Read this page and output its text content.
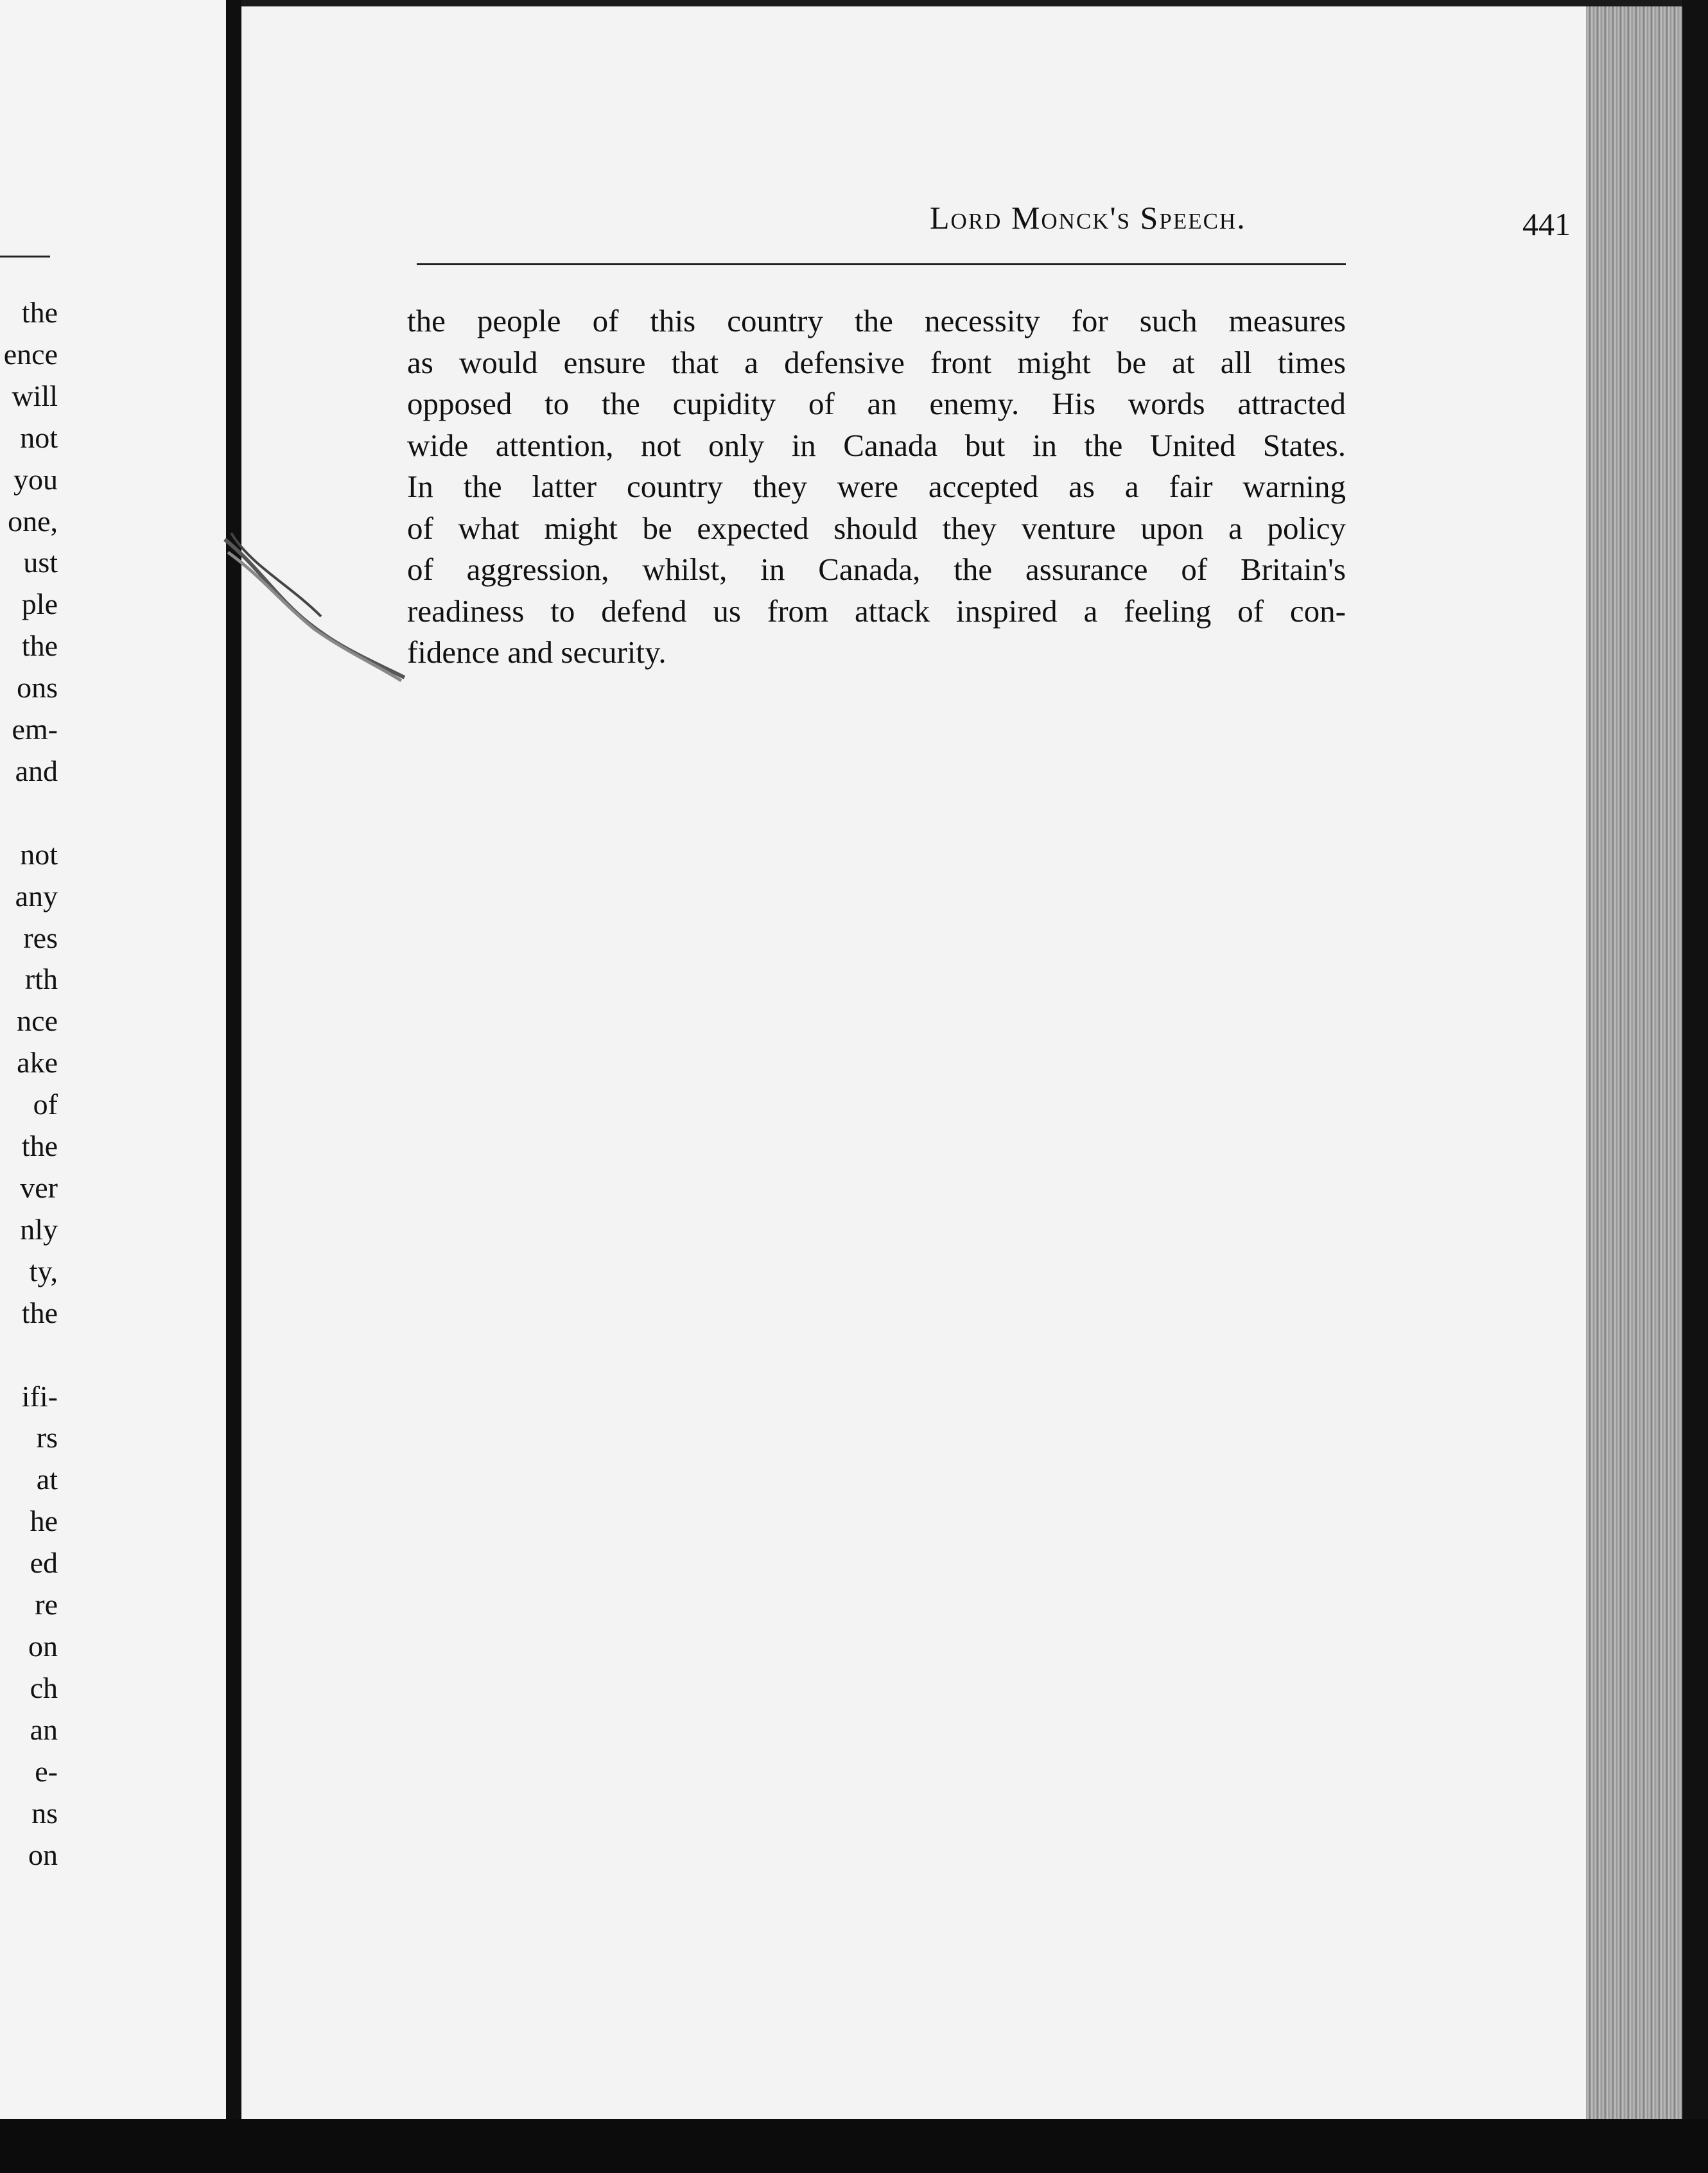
the
ence
will
not
you
one,
ust
ple
the
ons
em-
and
not
any
res
rth
nce
ake
of
the
ver
nly
ty,
the
ifi-
rs
at
he
ed
re
on
ch
an
e-
ns
on
Lord Monck's Speech.	441
the people of this country the necessity for such measures
as would ensure that a defensive front might be at all times
opposed to the cupidity of an enemy. His words attracted
wide attention, not only in Canada but in the United States.
In the latter country they were accepted as a fair warning
of what might be expected should they venture upon a policy
of aggression, whilst, in Canada, the assurance of Britain's
readiness to defend us from attack inspired a feeling of con-
fidence and security.
